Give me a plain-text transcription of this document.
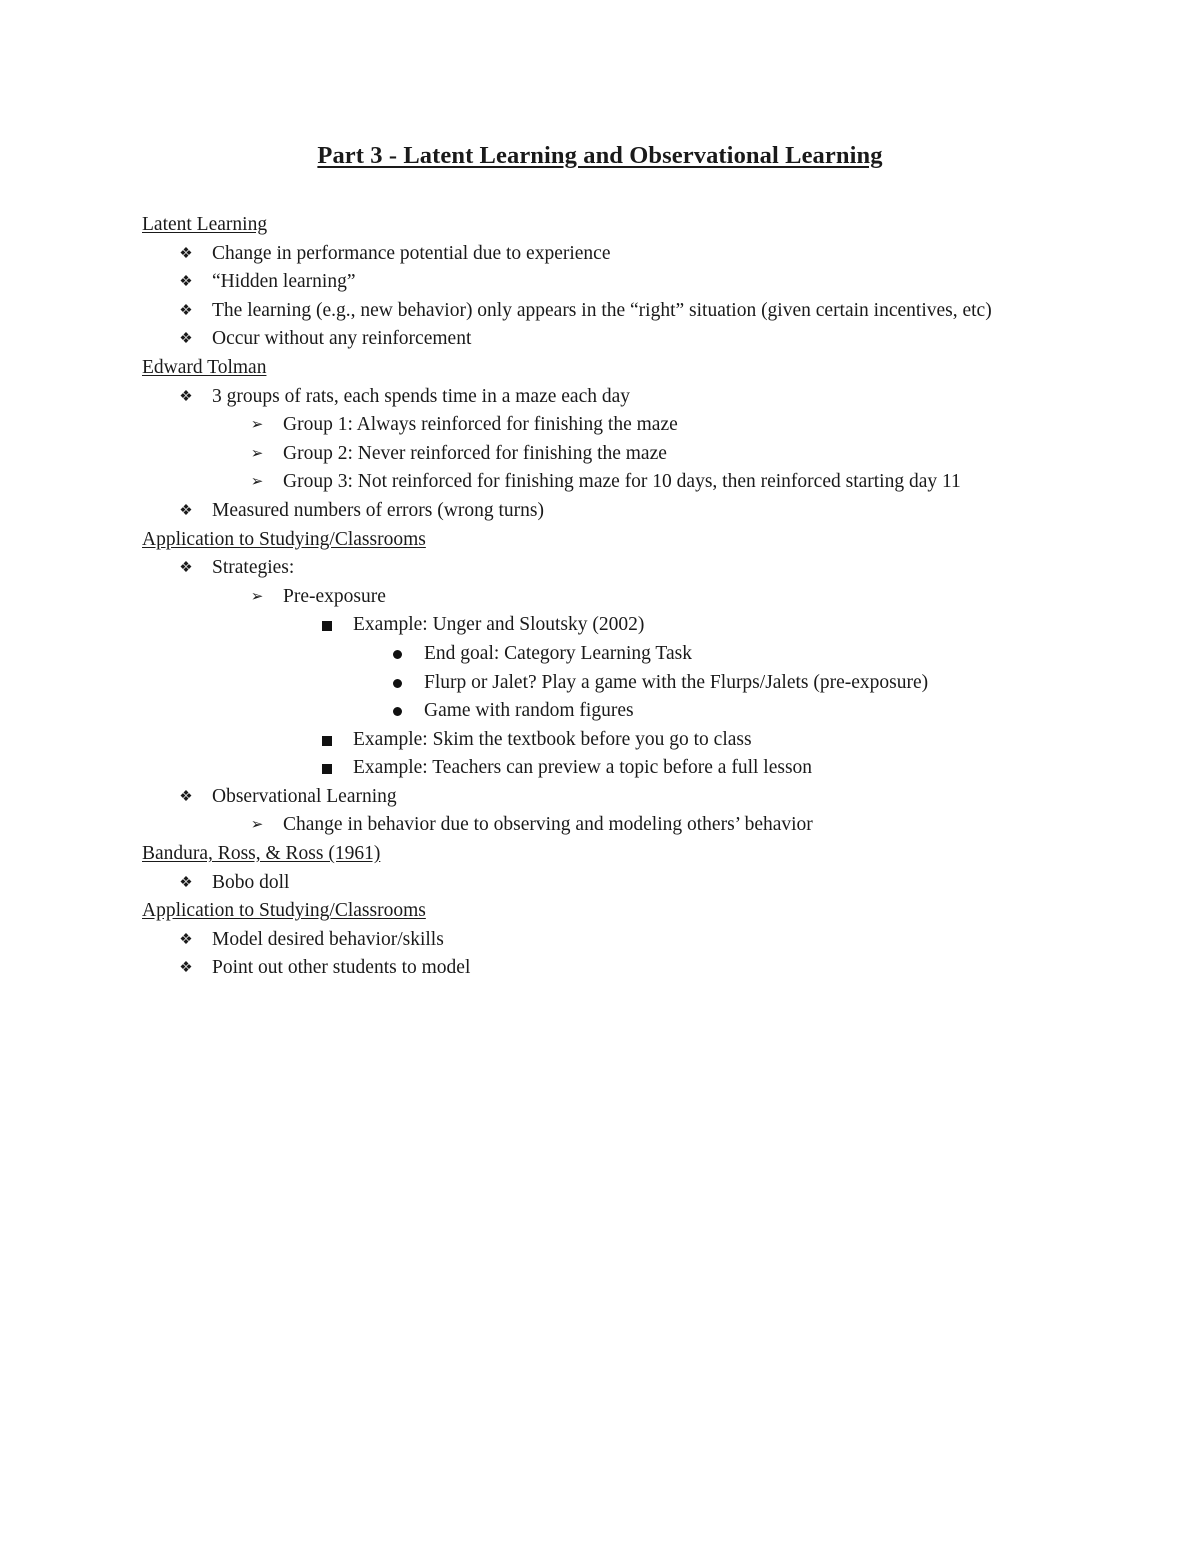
Part 3 - Latent Learning and Observational Learning
Latent Learning
❖ Change in performance potential due to experience
❖ “Hidden learning”
❖ The learning (e.g., new behavior) only appears in the “right” situation (given certain incentives, etc)
❖ Occur without any reinforcement
Edward Tolman
❖ 3 groups of rats, each spends time in a maze each day
➢ Group 1: Always reinforced for finishing the maze
➢ Group 2: Never reinforced for finishing the maze
➢ Group 3: Not reinforced for finishing maze for 10 days, then reinforced starting day 11
❖ Measured numbers of errors (wrong turns)
Application to Studying/Classrooms
❖ Strategies:
➢ Pre-exposure
Example: Unger and Sloutsky (2002)
End goal: Category Learning Task
Flurp or Jalet? Play a game with the Flurps/Jalets (pre-exposure)
Game with random figures
Example: Skim the textbook before you go to class
Example: Teachers can preview a topic before a full lesson
❖ Observational Learning
➢ Change in behavior due to observing and modeling others’ behavior
Bandura, Ross, & Ross (1961)
❖ Bobo doll
Application to Studying/Classrooms
❖ Model desired behavior/skills
❖ Point out other students to model
